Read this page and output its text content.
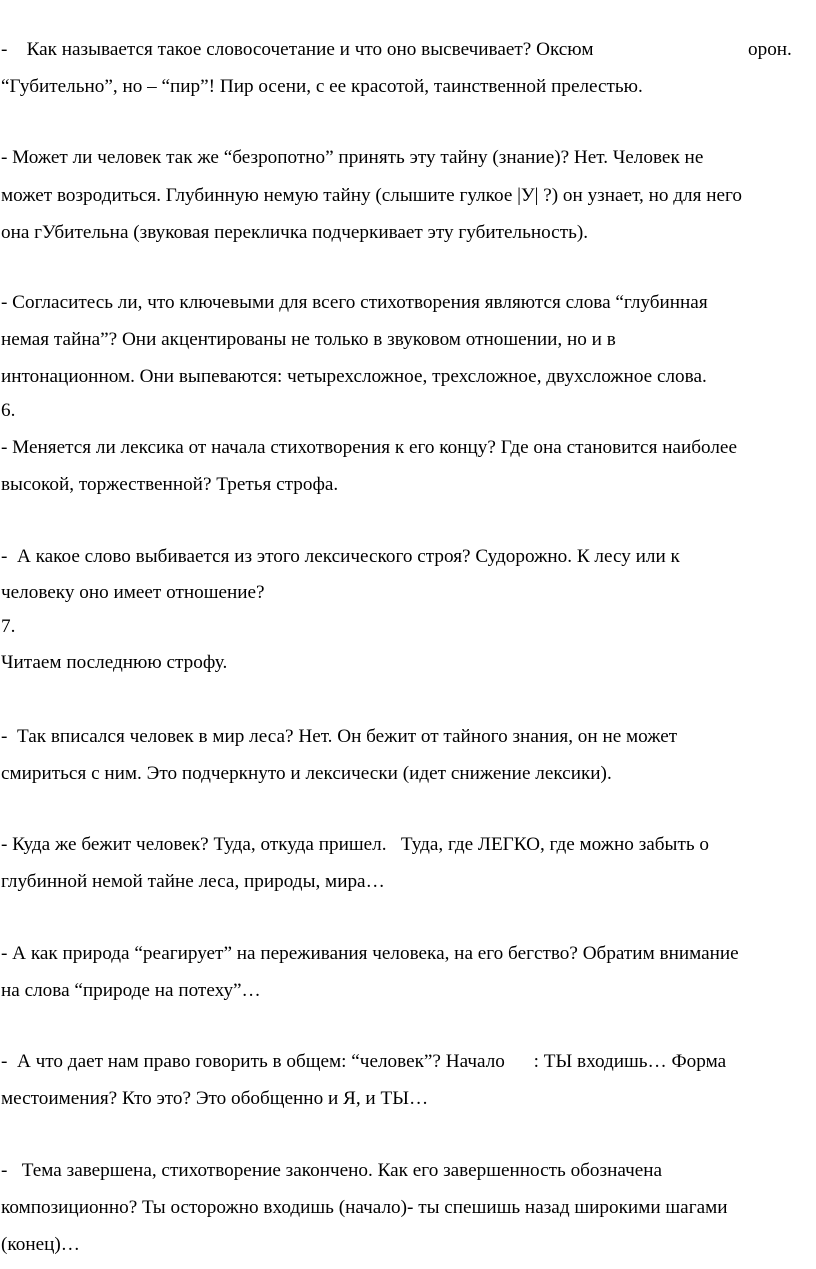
-    Как называется такое словосочетание и что оно высвечивает? Оксюм	орон.

“Губительно”, но – “пир”! Пир осени, с ее красотой, таинственной прелестью.

- Может ли человек так же “безропотно” принять эту тайну (знание)? Нет. Человек не

может возродиться. Глубинную немую тайну (слышите гулкое |У| ?) он узнает, но для него

она гУбительна (звуковая перекличка подчеркивает эту губительность).

- Согласитесь ли, что ключевыми для всего стихотворения являются слова “глубинная

немая тайна”? Они акцентированы не только в звуковом отношении, но и в

интонационном. Они выпеваются: четырехсложное, трехсложное, двухсложное слова.

6.

- Меняется ли лексика от начала стихотворения к его концу? Где она становится наиболее

высокой, торжественной? Третья строфа.

-  А какое слово выбивается из этого лексического строя? Судорожно. К лесу или к

человеку оно имеет отношение?

7.

Читаем последнюю строфу.

-  Так вписался человек в мир леса? Нет. Он бежит от тайного знания, он не может

смириться с ним. Это подчеркнуто и лексически (идет снижение лексики).

- Куда же бежит человек? Туда, откуда пришел.   Туда, где ЛЕГКО, где можно забыть о

глубинной немой тайне леса, природы, мира…

- А как природа “реагирует” на переживания человека, на его бегство? Обратим внимание

на слова “природе на потеху”…

-  А что дает нам право говорить в общем: “человек”? Начало      : ТЫ входишь… Форма

местоимения? Кто это? Это обобщенно и Я, и ТЫ…

-   Тема завершена, стихотворение закончено. Как его завершенность обозначена

композиционно? Ты осторожно входишь (начало)- ты спешишь назад широкими шагами

(конец)…
